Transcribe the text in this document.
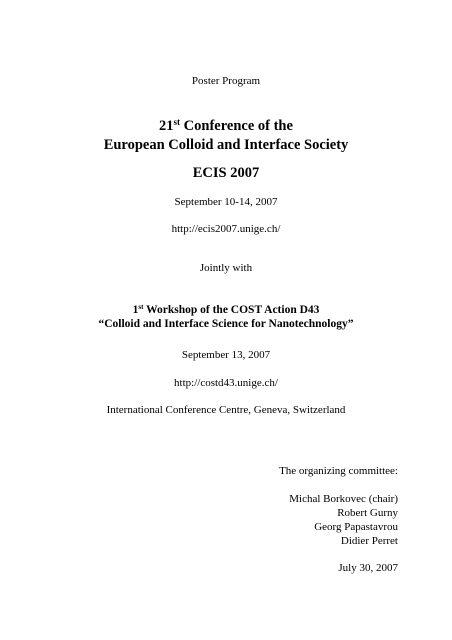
Poster Program
21st Conference of the
European Colloid and Interface Society
ECIS 2007
September 10-14, 2007
http://ecis2007.unige.ch/
Jointly with
1st Workshop of the COST Action D43
“Colloid and Interface Science for Nanotechnology”
September 13, 2007
http://costd43.unige.ch/
International Conference Centre, Geneva, Switzerland
The organizing committee:
Michal Borkovec (chair)
Robert Gurny
Georg Papastavrou
Didier Perret
July 30, 2007
